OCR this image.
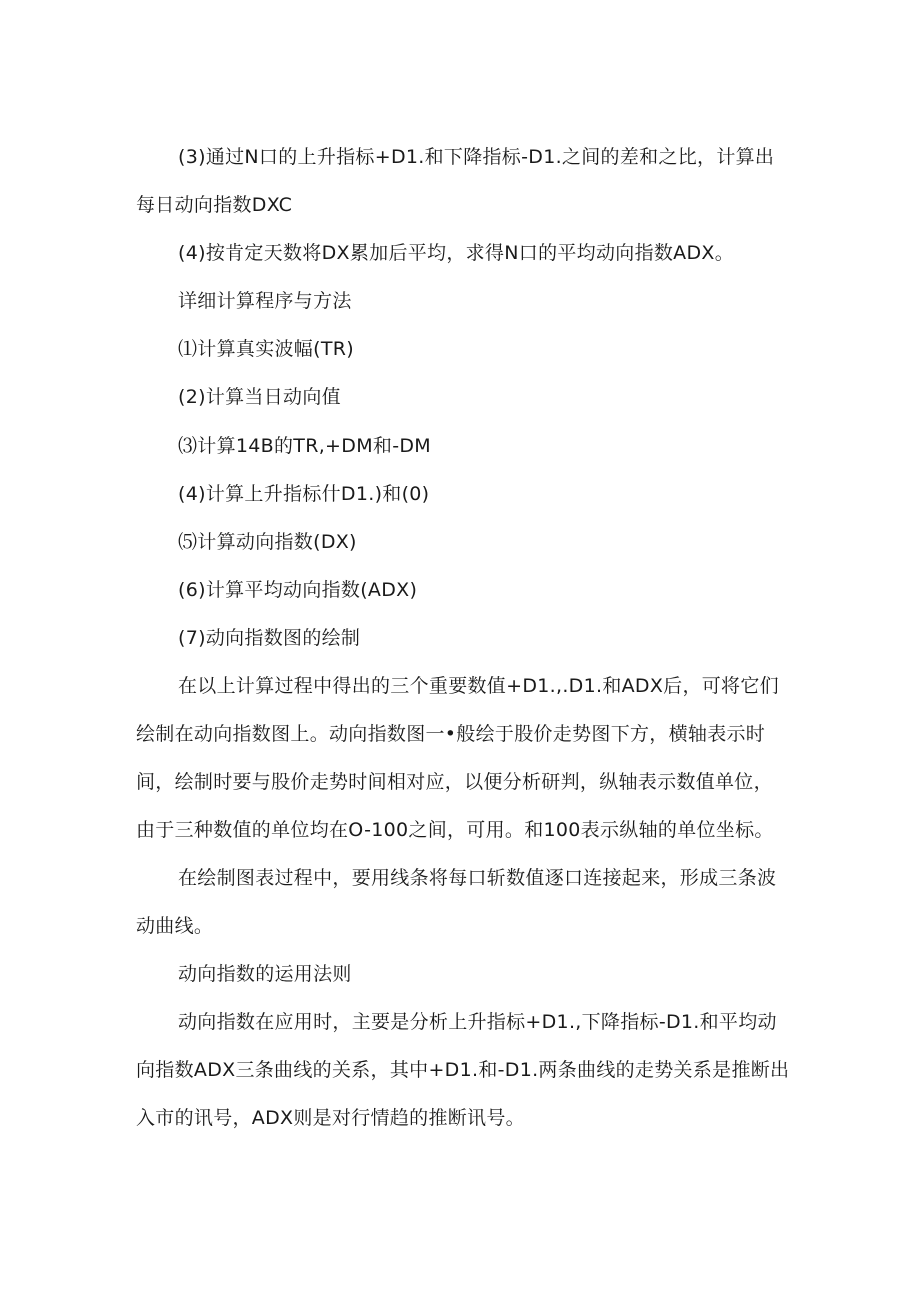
(3)通过N口的上升指标+D1.和下降指标-D1.之间的差和之比，计算出每日动向指数DXC

(4)按肯定天数将DX累加后平均，求得N口的平均动向指数ADX。

详细计算程序与方法

⑴计算真实波幅(TR)

(2)计算当日动向值

⑶计算14B的TR,+DM和-DM

(4)计算上升指标什D1.)和(0)

⑸计算动向指数(DX)

(6)计算平均动向指数(ADX)

(7)动向指数图的绘制

在以上计算过程中得出的三个重要数值+D1.,.D1.和ADX后，可将它们绘制在动向指数图上。动向指数图一•般绘于股价走势图下方，横轴表示时间，绘制时要与股价走势时间相对应，以便分析研判，纵轴表示数值单位，由于三种数值的单位均在O-100之间，可用。和100表示纵轴的单位坐标。

在绘制图表过程中，要用线条将每口斩数值逐口连接起来，形成三条波动曲线。

动向指数的运用法则

动向指数在应用时，主要是分析上升指标+D1.,下降指标-D1.和平均动向指数ADX三条曲线的关系，其中+D1.和-D1.两条曲线的走势关系是推断出入市的讯号，ADX则是对行情趋的推断讯号。
